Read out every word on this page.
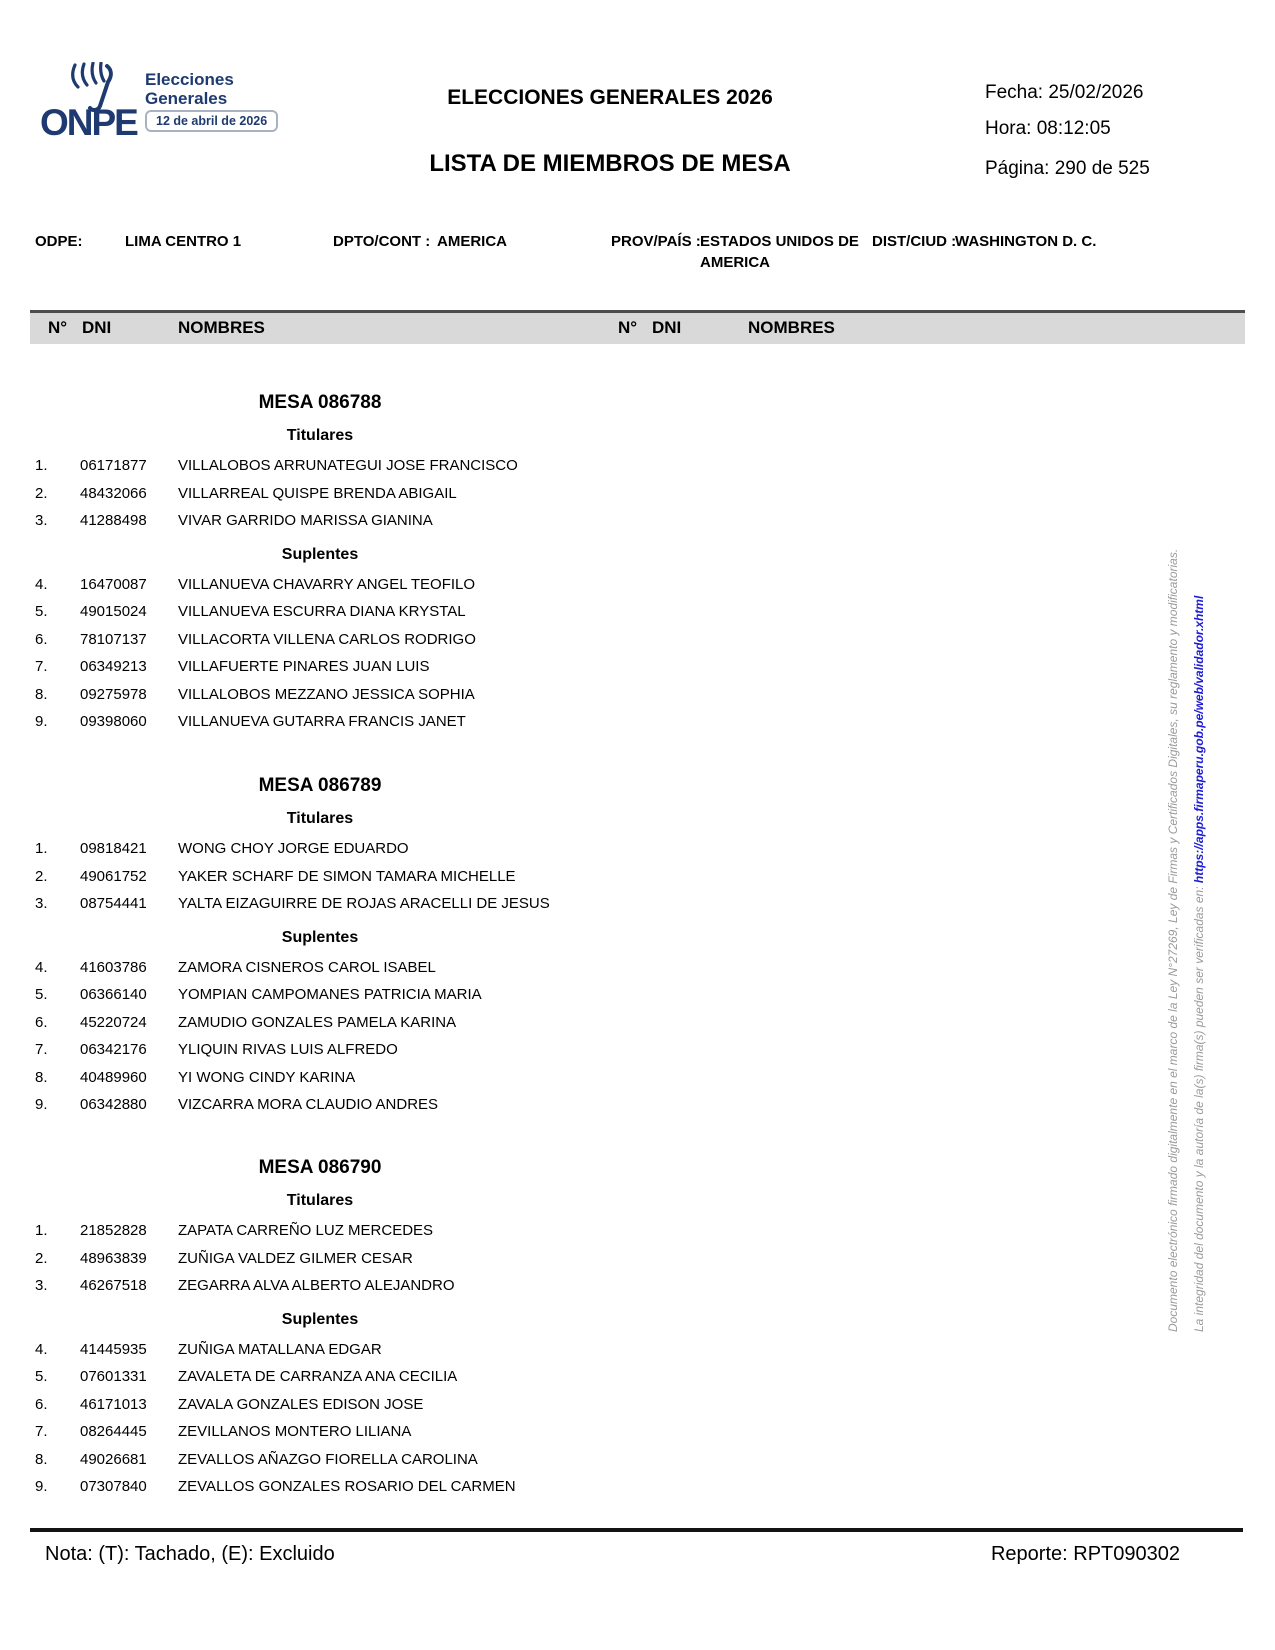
ONPE
Elecciones
Generales
12 de abril de 2026
ELECCIONES GENERALES 2026
LISTA DE MIEMBROS DE MESA
Fecha: 25/02/2026
Hora: 08:12:05
Página: 290 de 525
ODPE:	LIMA CENTRO 1	DPTO/CONT : AMERICA	PROV/PAÍS : ESTADOS UNIDOS DE
AMERICA
DIST/CIUD :
WASHINGTON D. C.
N° DNI	NOMBRES	N° DNI	NOMBRES
MESA 086788
Titulares
1. 06171877 VILLALOBOS ARRUNATEGUI JOSE FRANCISCO
2. 48432066 VILLARREAL QUISPE BRENDA ABIGAIL
3. 41288498 VIVAR GARRIDO MARISSA GIANINA
Suplentes
4. 16470087 VILLANUEVA CHAVARRY ANGEL TEOFILO
5. 49015024 VILLANUEVA ESCURRA DIANA KRYSTAL
6. 78107137 VILLACORTA VILLENA CARLOS RODRIGO
7. 06349213 VILLAFUERTE PINARES JUAN LUIS
8. 09275978 VILLALOBOS MEZZANO JESSICA SOPHIA
9. 09398060 VILLANUEVA GUTARRA FRANCIS JANET
MESA 086789
Titulares
1. 09818421 WONG CHOY JORGE EDUARDO
2. 49061752 YAKER SCHARF DE SIMON TAMARA MICHELLE
3. 08754441 YALTA EIZAGUIRRE DE ROJAS ARACELLI DE JESUS
Suplentes
4. 41603786 ZAMORA CISNEROS CAROL ISABEL
5. 06366140 YOMPIAN CAMPOMANES PATRICIA MARIA
6. 45220724 ZAMUDIO GONZALES PAMELA KARINA
7. 06342176 YLIQUIN RIVAS LUIS ALFREDO
8. 40489960 YI WONG CINDY KARINA
9. 06342880 VIZCARRA MORA CLAUDIO ANDRES
MESA 086790
Titulares
1. 21852828 ZAPATA CARREÑO LUZ MERCEDES
2. 48963839 ZUÑIGA VALDEZ GILMER CESAR
3. 46267518 ZEGARRA ALVA ALBERTO ALEJANDRO
Suplentes
4. 41445935 ZUÑIGA MATALLANA EDGAR
5. 07601331 ZAVALETA DE CARRANZA ANA CECILIA
6. 46171013 ZAVALA GONZALES EDISON JOSE
7. 08264445 ZEVILLANOS MONTERO LILIANA
8. 49026681 ZEVALLOS AÑAZGO FIORELLA CAROLINA
9. 07307840 ZEVALLOS GONZALES ROSARIO DEL CARMEN
Documento electrónico firmado digitalmente en el marco de la Ley N°27269, Ley de Firmas y Certificados Digitales, su reglamento y modificatorias. La integridad del documento y la autoría de la(s) firma(s) pueden ser verificadas en: https://apps.firmaperu.gob.pe/web/validador.xhtml
Nota: (T): Tachado, (E): Excluido	Reporte: RPT090302
